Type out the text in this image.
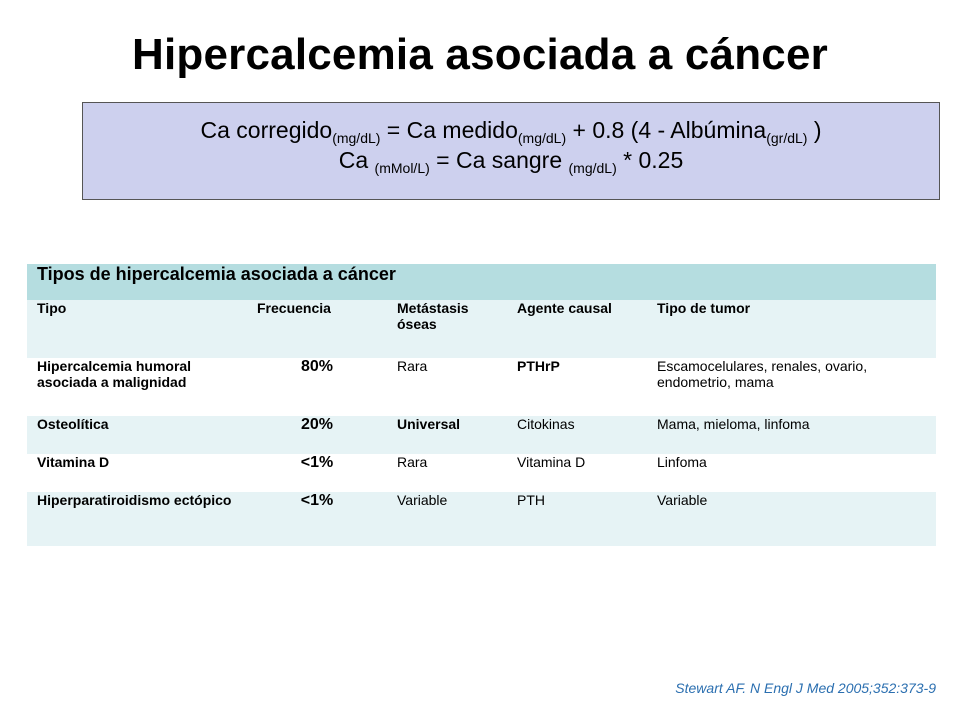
Hipercalcemia asociada a cáncer
Ca corregido$_{(mg/dL)}$ = Ca medido$_{(mg/dL)}$ + 0.8 (4 - Albúmina$_{(gr/dL)}$ )
Ca $_{(mMol/L)}$ = Ca sangre $_{(mg/dL)}$ * 0.25
Tipos de hipercalcemia asociada a cáncer				
Tipo	Frecuencia	Metástasis óseas	Agente causal	Tipo de tumor
Hipercalcemia humoral asociada a malignidad	80%	Rara	PTHrP	Escamocelulares, renales, ovario, endometrio, mama
Osteolítica	20%	Universal	Citokinas	Mama, mieloma, linfoma
Vitamina D	<1%	Rara	Vitamina D	Linfoma
Hiperparatiroidismo ectópico	<1%	Variable	PTH	Variable
Stewart AF. N Engl J Med 2005;352:373-9
